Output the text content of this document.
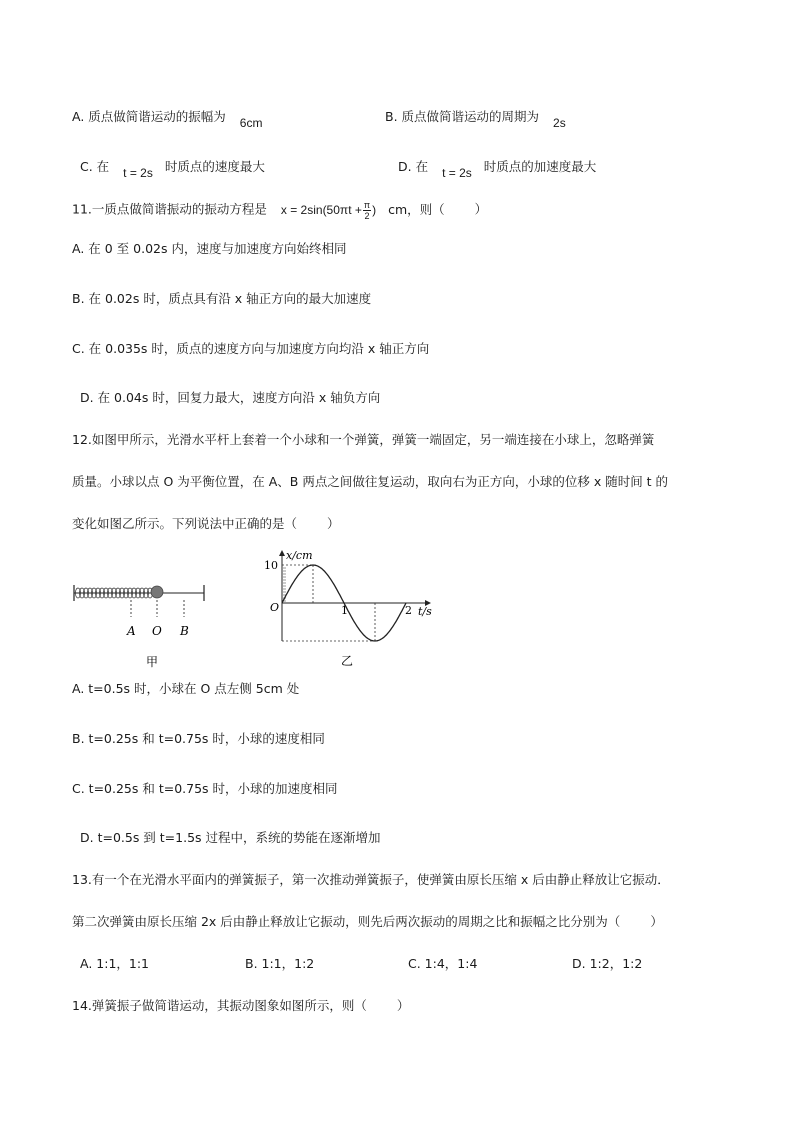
A. 质点做简谐运动的振幅为 6cm	B. 质点做简谐运动的周期为 2s
C. 在 t = 2s 时质点的速度最大	D. 在 t = 2s 时质点的加速度最大
11.一质点做简谐振动的振动方程是 $x = 2\sin(50\pi t + \frac{\pi}{2}$ ) cm，则（ ）
A. 在 0 至 0.02s 内，速度与加速度方向始终相同
B. 在 0.02s 时，质点具有沿 x 轴正方向的最大加速度
C. 在 0.035s 时，质点的速度方向与加速度方向均沿 x 轴正方向
D. 在 0.04s 时，回复力最大，速度方向沿 x 轴负方向
12.如图甲所示，光滑水平杆上套着一个小球和一个弹簧，弹簧一端固定，另一端连接在小球上，忽略弹簧
质量。小球以点 O 为平衡位置，在 A、B 两点之间做往复运动，取向右为正方向，小球的位移 x 随时间 t 的
变化如图乙所示。下列说法中正确的是（ ）
A O B
甲
x/cm
t/s
O
10
1	2
乙
A. t=0.5s 时，小球在 O 点左侧 5cm 处
B. t=0.25s 和 t=0.75s 时，小球的速度相同
C. t=0.25s 和 t=0.75s 时，小球的加速度相同
D. t=0.5s 到 t=1.5s 过程中，系统的势能在逐渐增加
13.有一个在光滑水平面内的弹簧振子，第一次推动弹簧振子，使弹簧由原长压缩 x 后由静止释放让它振动．
第二次弹簧由原长压缩 2x 后由静止释放让它振动，则先后两次振动的周期之比和振幅之比分别为（ ）
A. 1:1，1:1	B. 1:1，1:2	C. 1:4，1:4	D. 1:2，1:2
14.弹簧振子做简谐运动，其振动图象如图所示，则（ ）
